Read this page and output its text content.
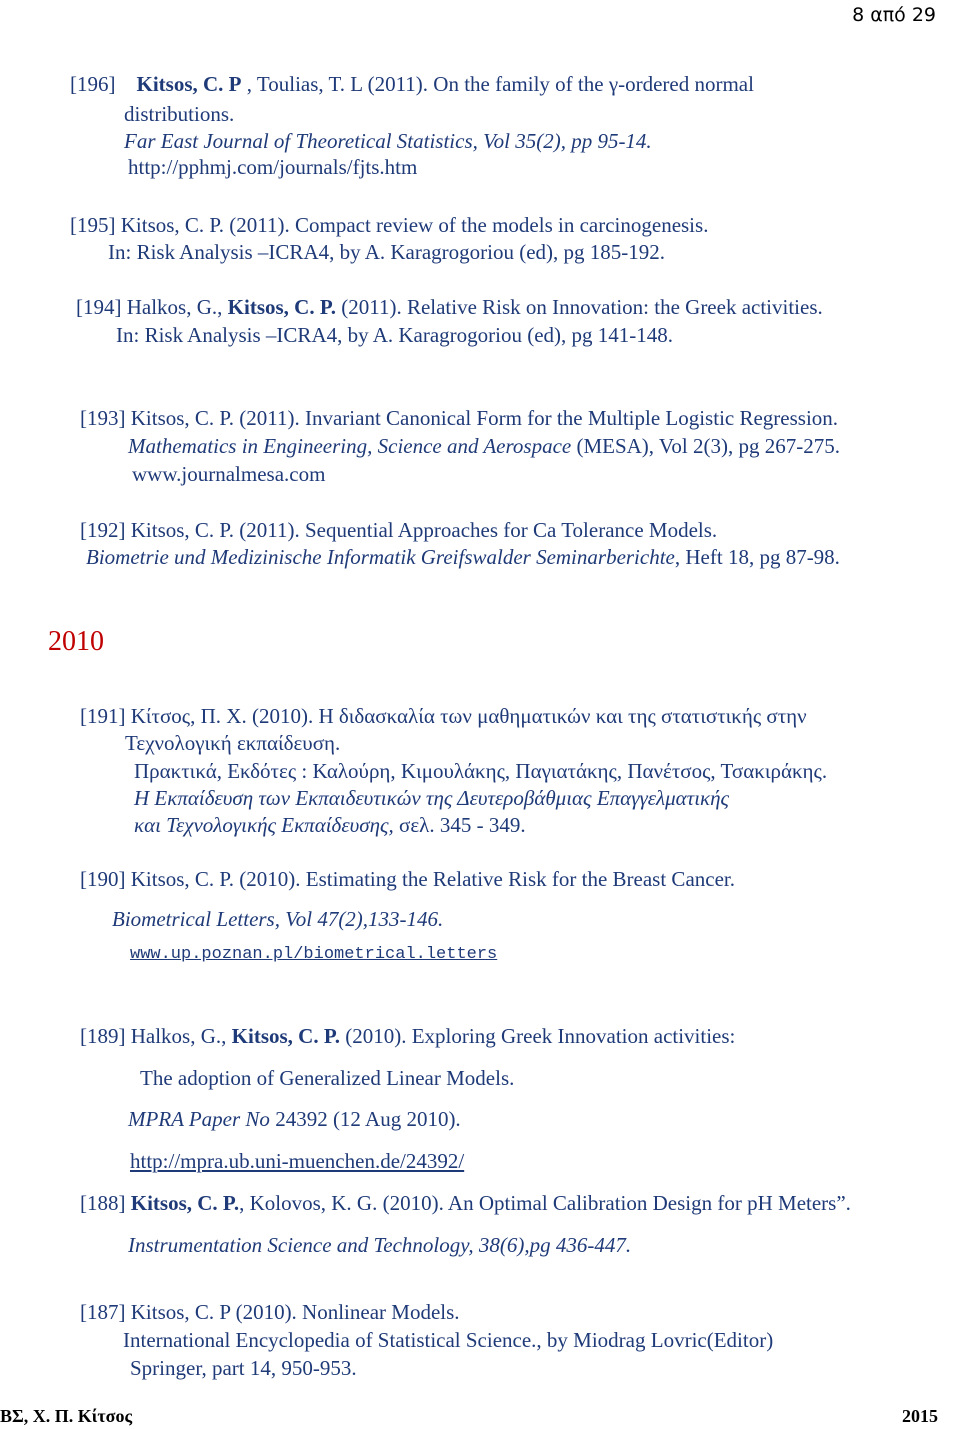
8 από 29
[196] Kitsos, C. P , Toulias, T. L (2011). On the family of the γ-ordered normal
distributions.
Far East Journal of Theoretical Statistics, Vol 35(2), pp 95-14.
http://pphmj.com/journals/fjts.htm
[195] Kitsos, C. P. (2011). Compact review of the models in carcinogenesis.
In: Risk Analysis –ICRA4, by A. Karagrogoriou (ed), pg 185-192.
[194] Halkos, G., Kitsos, C. P. (2011). Relative Risk on Innovation: the Greek activities.
In: Risk Analysis –ICRA4, by A. Karagrogoriou (ed), pg 141-148.
[193] Kitsos, C. P. (2011). Invariant Canonical Form for the Multiple Logistic Regression.
Mathematics in Engineering, Science and Aerospace (MESA), Vol 2(3), pg 267-275.
www.journalmesa.com
[192] Kitsos, C. P. (2011). Sequential Approaches for Ca Tolerance Models.
Biometrie und Medizinische Informatik Greifswalder Seminarberichte, Heft 18, pg 87-98.
2010
[191] Κίτσος, Π. Χ. (2010). Η διδασκαλία των μαθηματικών και της στατιστικής στην
Τεχνολογική εκπαίδευση.
Πρακτικά, Εκδότες : Καλούρη, Κιμουλάκης, Παγιατάκης, Πανέτσος, Τσακιράκης.
Η Εκπαίδευση των Εκπαιδευτικών της Δευτεροβάθμιας Επαγγελματικής
και Τεχνολογικής Εκπαίδευσης, σελ. 345 - 349.
[190] Kitsos, C. P. (2010). Estimating the Relative Risk for the Breast Cancer.
Biometrical Letters, Vol 47(2),133-146.
www.up.poznan.pl/biometrical.letters
[189] Halkos, G., Kitsos, C. P. (2010). Exploring Greek Innovation activities:
The adoption of Generalized Linear Models.
MPRA Paper No 24392 (12 Aug 2010).
http://mpra.ub.uni-muenchen.de/24392/
[188] Kitsos, C. P., Kolovos, K. G. (2010). An Optimal Calibration Design for pH Meters”.
Instrumentation Science and Technology, 38(6),pg 436-447.
[187] Kitsos, C. P (2010). Nonlinear Models.
International Encyclopedia of Statistical Science., by Miodrag Lovric(Editor)
Springer, part 14, 950-953.
ΒΣ, Χ. Π. Κίτσος	2015
